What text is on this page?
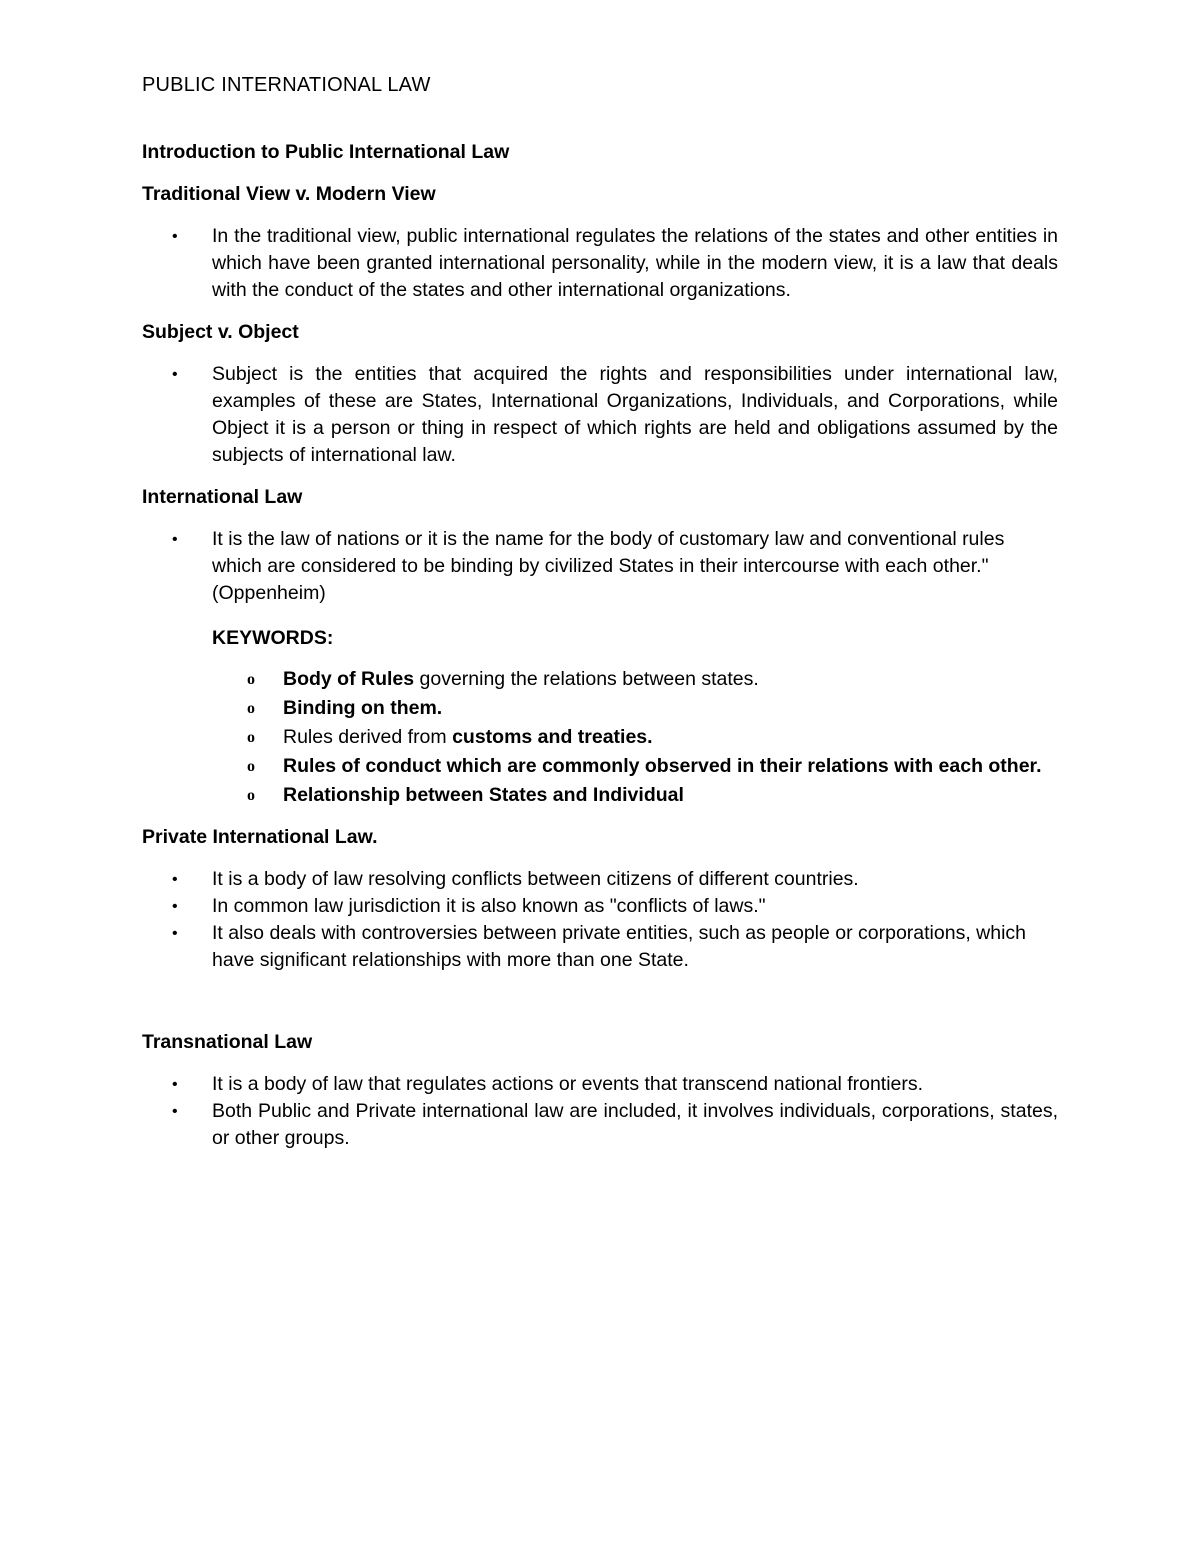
PUBLIC INTERNATIONAL LAW
Introduction to Public International Law
Traditional View v. Modern View
• In the traditional view, public international regulates the relations of the states and other entities in which have been granted international personality, while in the modern view, it is a law that deals with the conduct of the states and other international organizations.
Subject v. Object
• Subject is the entities that acquired the rights and responsibilities under international law, examples of these are States, International Organizations, Individuals, and Corporations, while Object it is a person or thing in respect of which rights are held and obligations assumed by the subjects of international law.
International Law
• It is the law of nations or it is the name for the body of customary law and conventional rules which are considered to be binding by civilized States in their intercourse with each other." (Oppenheim)
KEYWORDS:
o Body of Rules governing the relations between states.
o Binding on them.
o Rules derived from customs and treaties.
o Rules of conduct which are commonly observed in their relations with each other.
o Relationship between States and Individual
Private International Law.
• It is a body of law resolving conflicts between citizens of different countries.
• In common law jurisdiction it is also known as "conflicts of laws."
• It also deals with controversies between private entities, such as people or corporations, which have significant relationships with more than one State.
Transnational Law
• It is a body of law that regulates actions or events that transcend national frontiers.
• Both Public and Private international law are included, it involves individuals, corporations, states, or other groups.
